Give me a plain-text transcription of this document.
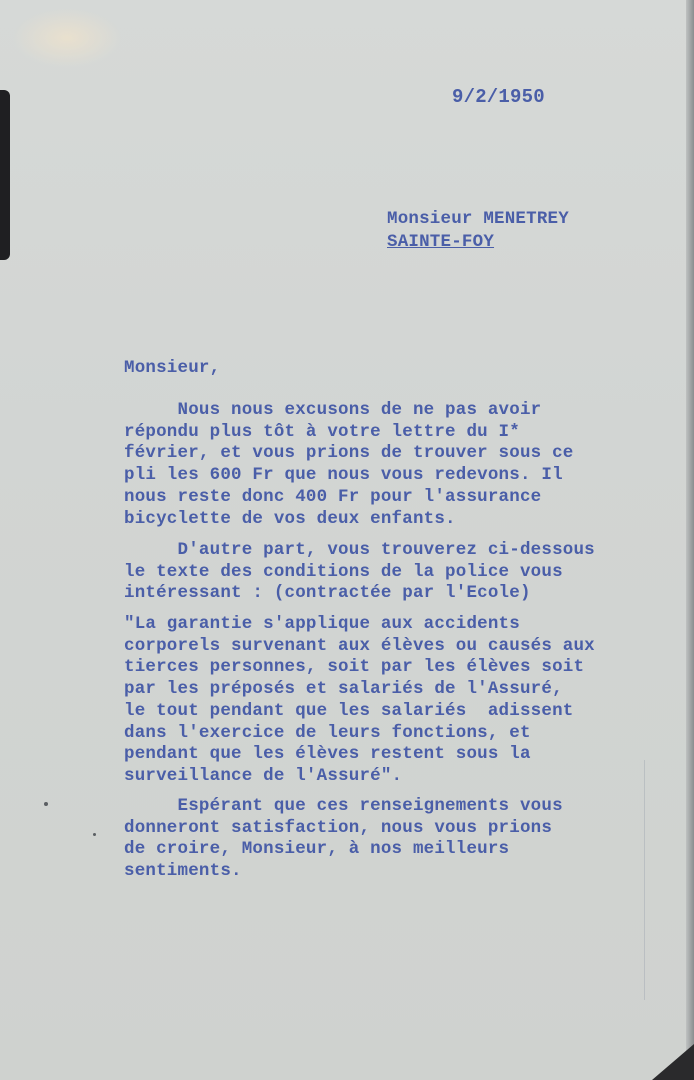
9/2/1950
Monsieur MENETREY
SAINTE-FOY
Monsieur,
Nous nous excusons de ne pas avoir
répondu plus tôt à votre lettre du I*
février, et vous prions de trouver sous ce
pli les 600 Fr que nous vous redevons. Il
nous reste donc 400 Fr pour l'assurance
bicyclette de vos deux enfants.
D'autre part, vous trouverez ci-dessous
le texte des conditions de la police vous
intéressant : (contractée par l'Ecole)
"La garantie s'applique aux accidents
corporels survenant aux élèves ou causés aux
tierces personnes, soit par les élèves soit
par les préposés et salariés de l'Assuré,
le tout pendant que les salariés  adissent
dans l'exercice de leurs fonctions, et
pendant que les élèves restent sous la
surveillance de l'Assuré".
Espérant que ces renseignements vous
donneront satisfaction, nous vous prions
de croire, Monsieur, à nos meilleurs
sentiments.
